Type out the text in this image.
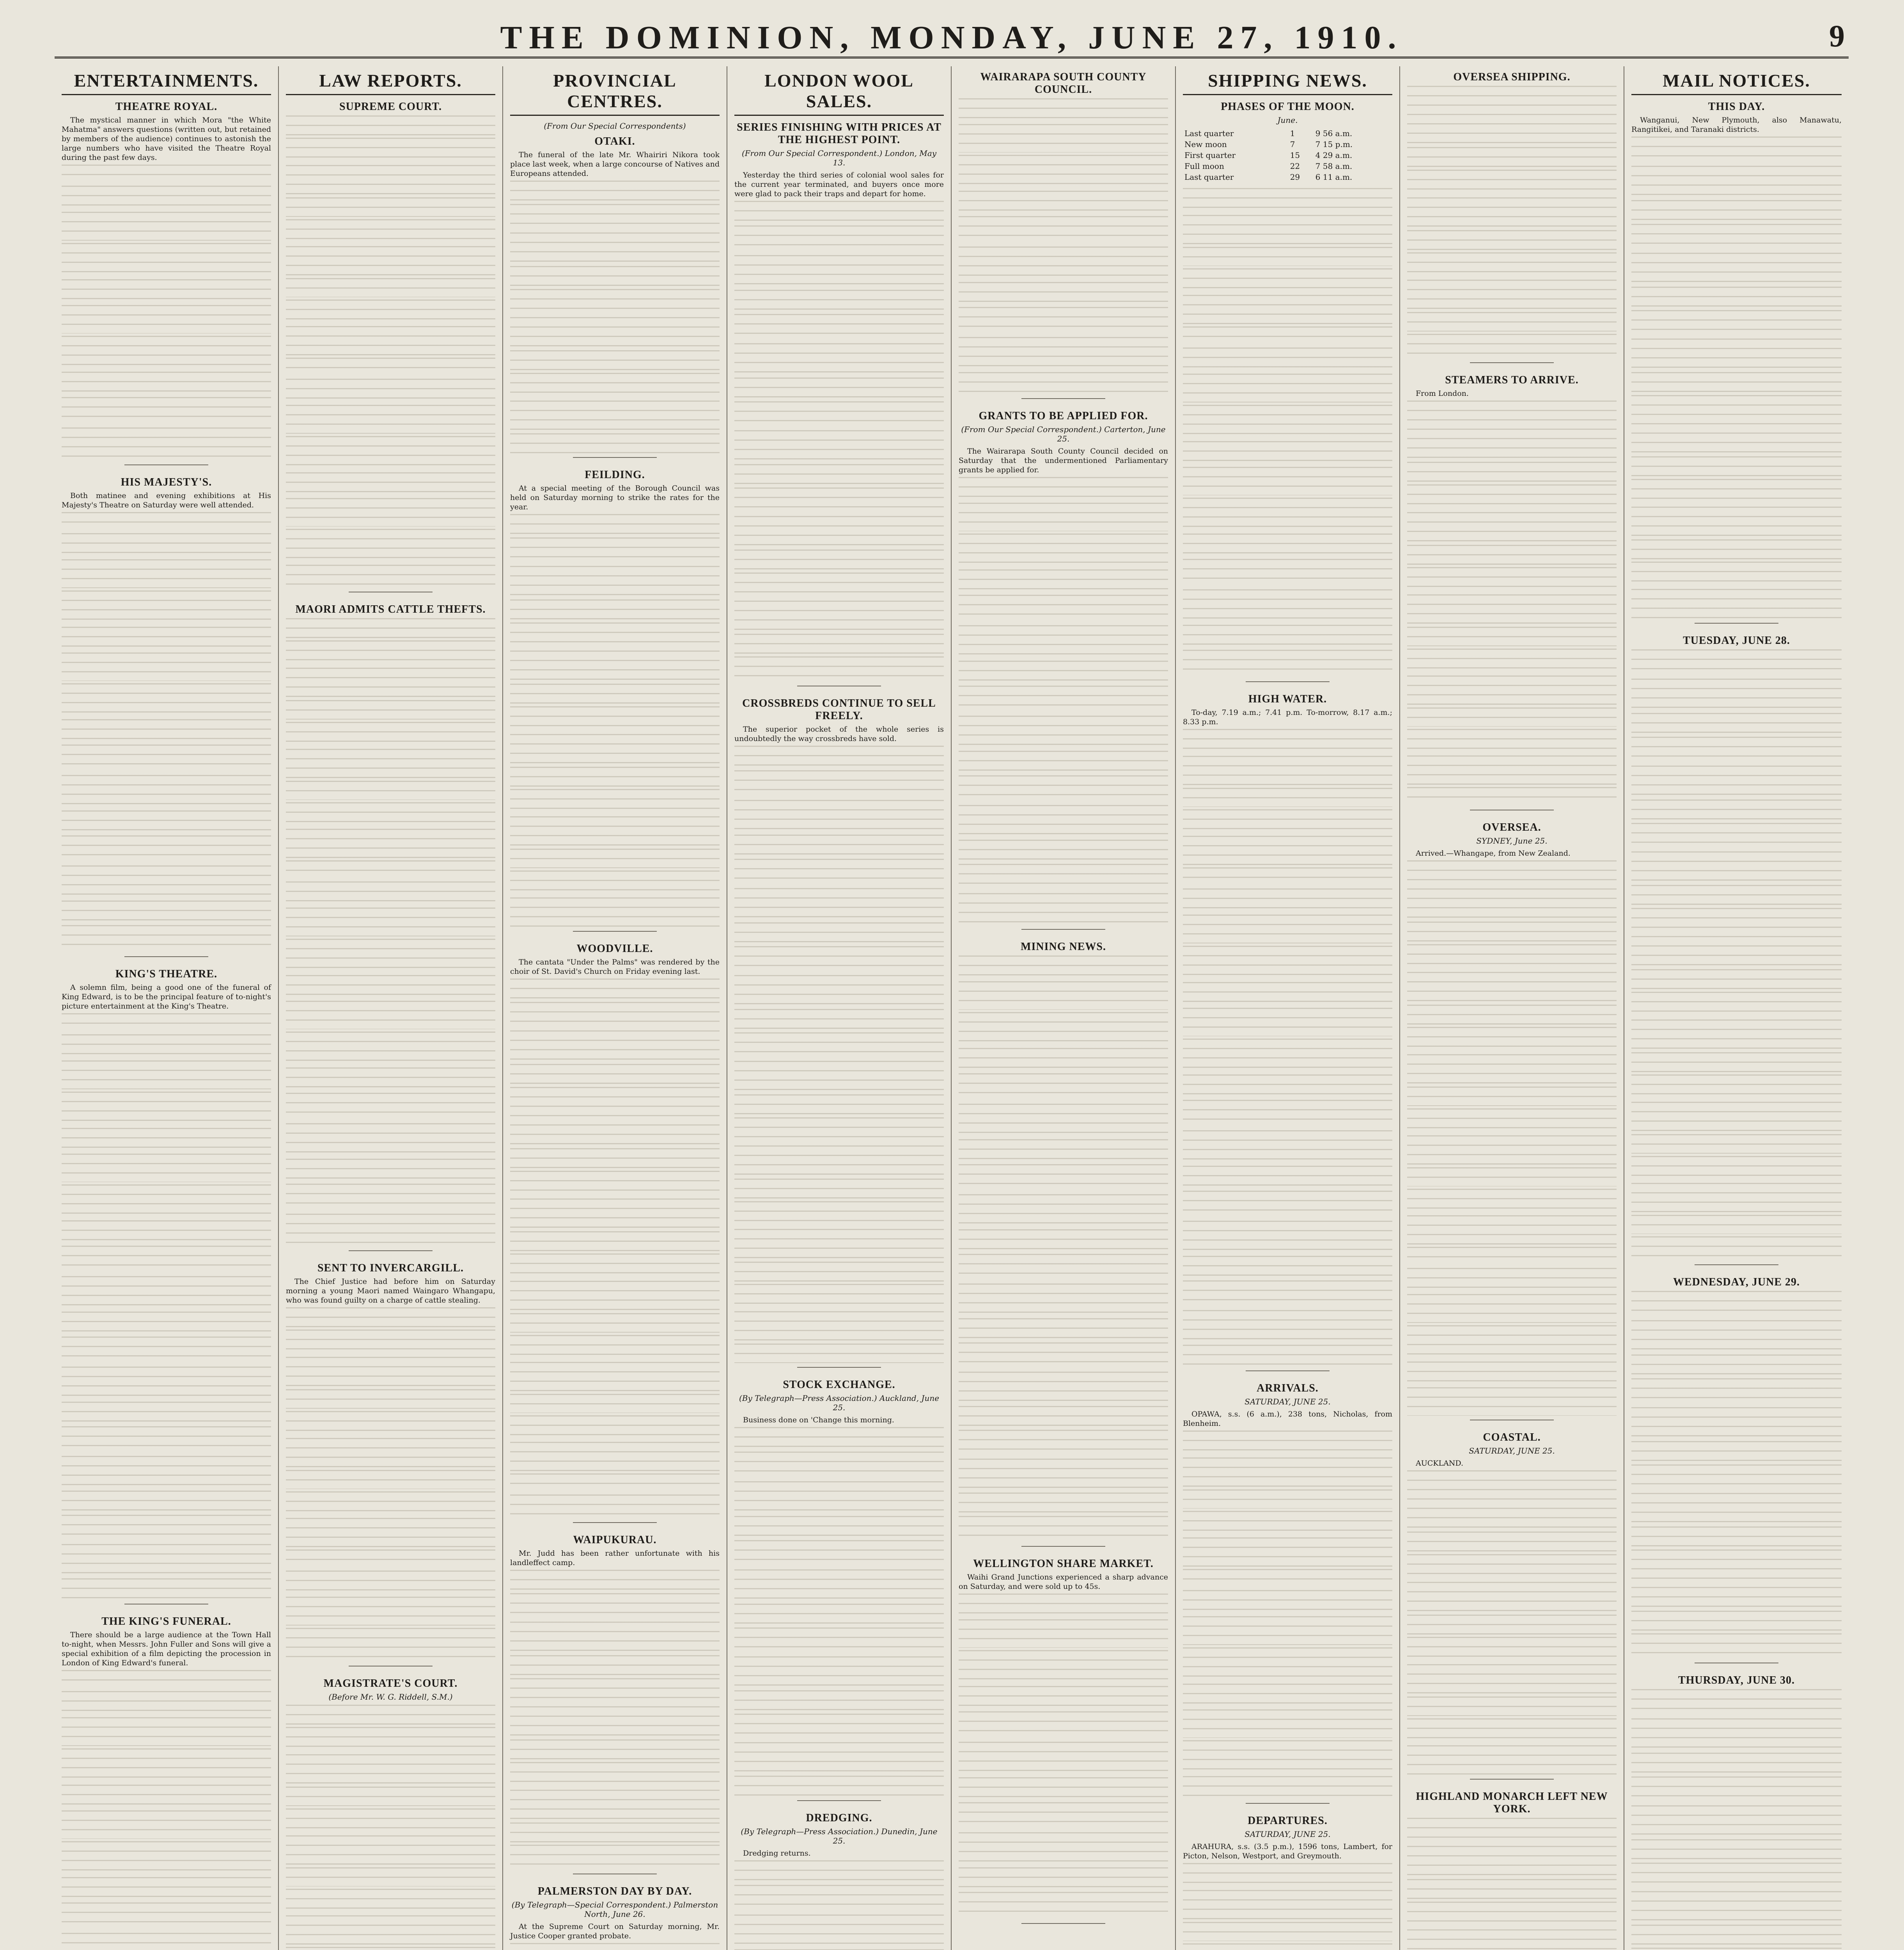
THE DOMINION, MONDAY, JUNE 27, 1910.	9
ENTERTAINMENTS.
THEATRE ROYAL.

The mystical manner in which Mora "the White Mahatma" answers questions (written out, but retained by members of the audience) continues to astonish the large numbers who have visited the Theatre Royal during the past few days.

HIS MAJESTY'S.

Both matinee and evening exhibitions at His Majesty's Theatre on Saturday were well attended.

KING'S THEATRE.

A solemn film, being a good one of the funeral of King Edward, is to be the principal feature of to-night's picture entertainment at the King's Theatre.

THE KING'S FUNERAL.

There should be a large audience at the Town Hall to-night, when Messrs. John Fuller and Sons will give a special exhibition of a film depicting the procession in London of King Edward's funeral.

LAW REPORTS.
SUPREME COURT.
MAORI ADMITS CATTLE THEFTS.
SENT TO INVERCARGILL.

The Chief Justice had before him on Saturday morning a young Maori named Waingaro Whangapu, who was found guilty on a charge of cattle stealing.

MAGISTRATE'S COURT.
(Before Mr. W. G. Riddell, S.M.)

PROVINCIAL CENTRES.
(From Our Special Correspondents)
OTAKI.

The funeral of the late Mr. Whairiri Nikora took place last week, when a large concourse of Natives and Europeans attended.

FEILDING.

At a special meeting of the Borough Council was held on Saturday morning to strike the rates for the year.

WOODVILLE.

The cantata "Under the Palms" was rendered by the choir of St. David's Church on Friday evening last.

WAIPUKURAU.

Mr. Judd has been rather unfortunate with his landleffect camp.

PALMERSTON DAY BY DAY.
(By Telegraph—Special Correspondent.) Palmerston North, June 26.

At the Supreme Court on Saturday morning, Mr. Justice Cooper granted probate.

LONDON WOOL SALES.
SERIES FINISHING WITH PRICES AT THE HIGHEST POINT.
(From Our Special Correspondent.) London, May 13.

Yesterday the third series of colonial wool sales for the current year terminated, and buyers once more were glad to pack their traps and depart for home.

CROSSBREDS CONTINUE TO SELL FREELY.

The superior pocket of the whole series is undoubtedly the way crossbreds have sold.

STOCK EXCHANGE.
(By Telegraph—Press Association.) Auckland, June 25.

Business done on 'Change this morning.

DREDGING.
(By Telegraph—Press Association.) Dunedin, June 25.

Dredging returns.

WAIRARAPA SOUTH COUNTY COUNCIL.
GRANTS TO BE APPLIED FOR.
(From Our Special Correspondent.) Carterton, June 25.

The Wairarapa South County Council decided on Saturday that the undermentioned Parliamentary grants be applied for.

MINING NEWS.
WELLINGTON SHARE MARKET.

Waihi Grand Junctions experienced a sharp advance on Saturday, and were sold up to 45s.

SHIPPING NEWS.
PHASES OF THE MOON.
June.
Last quarter	1	9 56 a.m.
New moon	7	7 15 p.m.
First quarter	15	4 29 a.m.
Full moon	22	7 58 a.m.
Last quarter	29	6 11 a.m.
HIGH WATER.

To-day, 7.19 a.m.; 7.41 p.m. To-morrow, 8.17 a.m.; 8.33 p.m.

ARRIVALS.
SATURDAY, JUNE 25.

OPAWA, s.s. (6 a.m.), 238 tons, Nicholas, from Blenheim.

DEPARTURES.
SATURDAY, JUNE 25.

ARAHURA, s.s. (3.5 p.m.), 1596 tons, Lambert, for Picton, Nelson, Westport, and Greymouth.

OVERSEA SHIPPING.
STEAMERS TO ARRIVE.

From London.

OVERSEA.
SYDNEY, June 25.

Arrived.—Whangape, from New Zealand.

COASTAL.
SATURDAY, JUNE 25.

AUCKLAND.

HIGHLAND MONARCH LEFT NEW YORK.
MAIL NOTICES.
THIS DAY.

Wanganui, New Plymouth, also Manawatu, Rangitikei, and Taranaki districts.

TUESDAY, JUNE 28.
WEDNESDAY, JUNE 29.
THURSDAY, JUNE 30.
